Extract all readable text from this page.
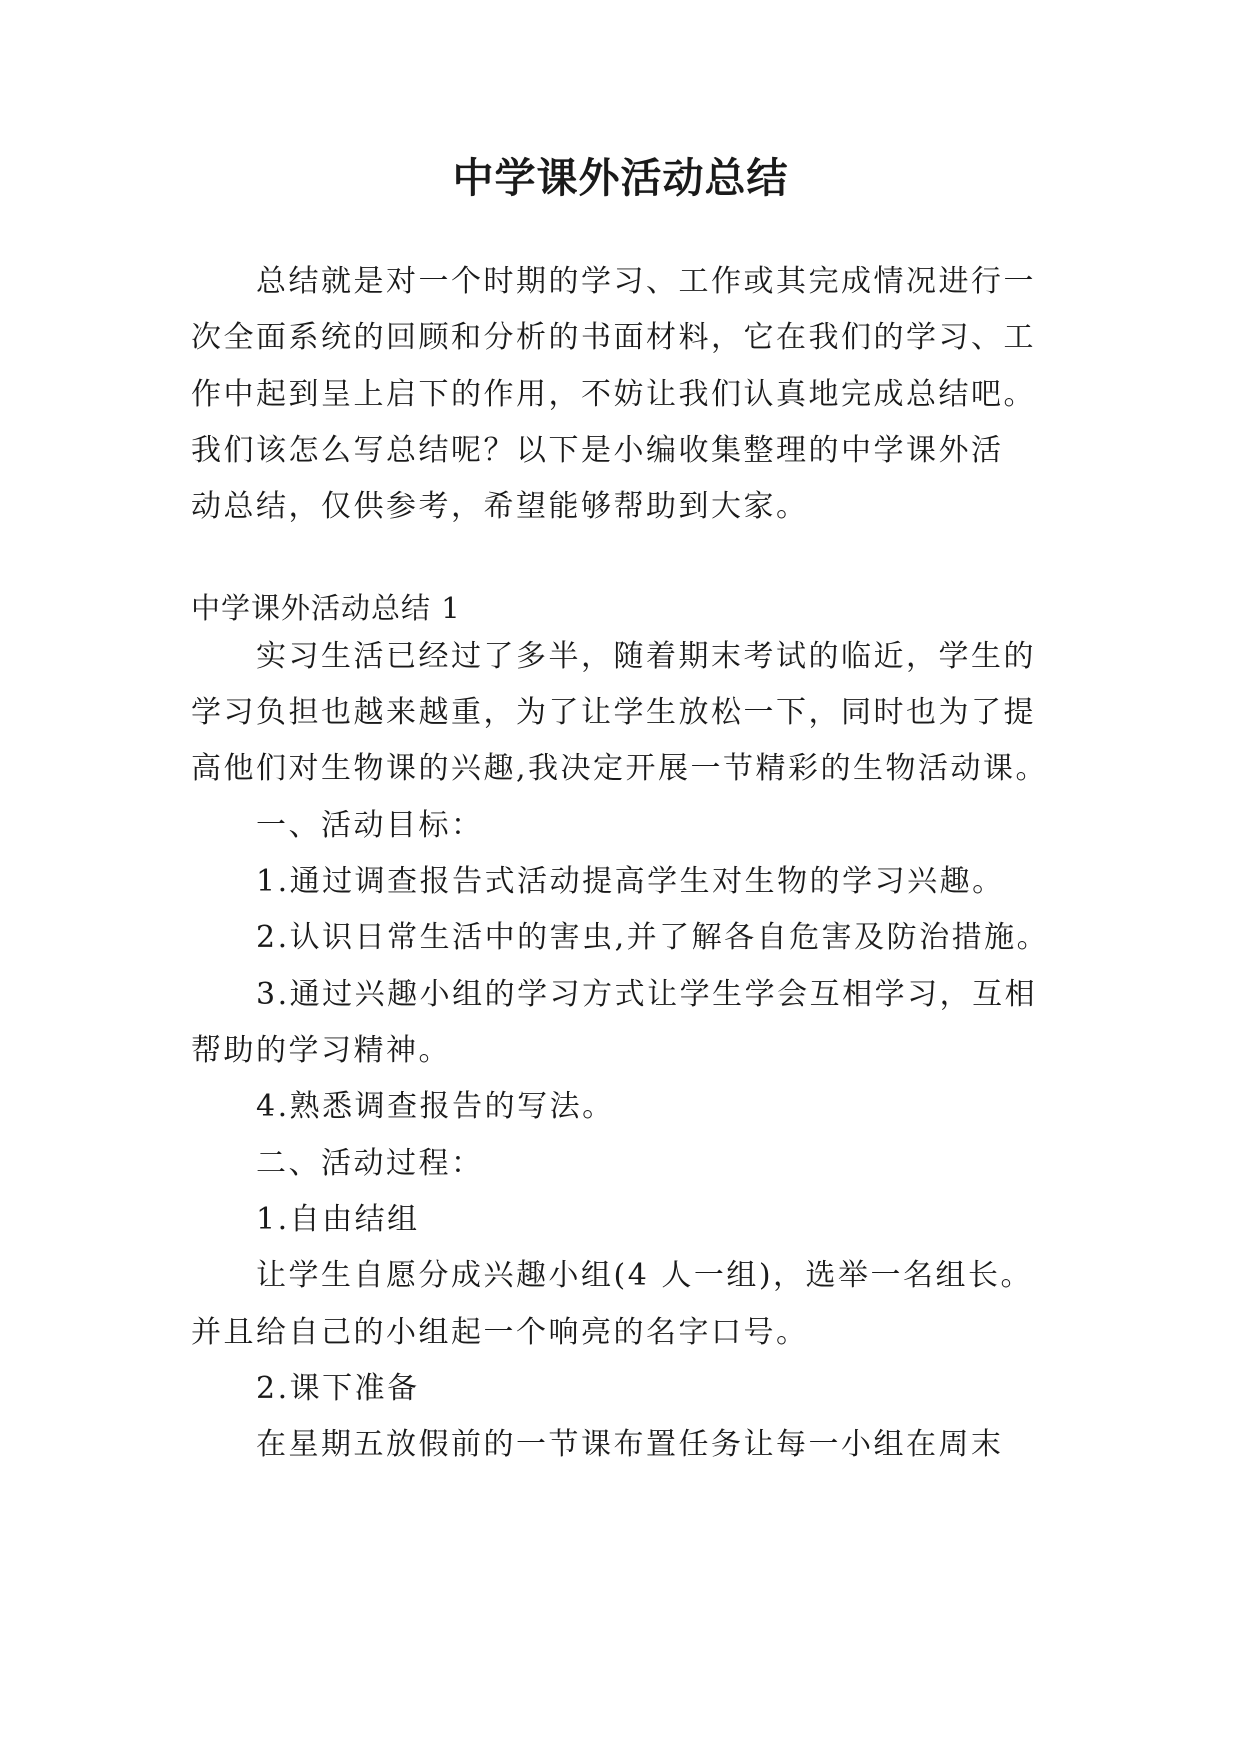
中学课外活动总结

总结就是对一个时期的学习、工作或其完成情况进行一

次全面系统的回顾和分析的书面材料，它在我们的学习、工

作中起到呈上启下的作用，不妨让我们认真地完成总结吧。

我们该怎么写总结呢？以下是小编收集整理的中学课外活

动总结，仅供参考，希望能够帮助到大家。

中学课外活动总结 1

实习生活已经过了多半，随着期末考试的临近，学生的

学习负担也越来越重，为了让学生放松一下，同时也为了提

高他们对生物课的兴趣,我决定开展一节精彩的生物活动课。

一、活动目标：

1.通过调查报告式活动提高学生对生物的学习兴趣。

2.认识日常生活中的害虫,并了解各自危害及防治措施。

3.通过兴趣小组的学习方式让学生学会互相学习，互相

帮助的学习精神。

4.熟悉调查报告的写法。

二、活动过程：

1.自由结组

让学生自愿分成兴趣小组(4 人一组)，选举一名组长。

并且给自己的小组起一个响亮的名字口号。

2.课下准备

在星期五放假前的一节课布置任务让每一小组在周末
